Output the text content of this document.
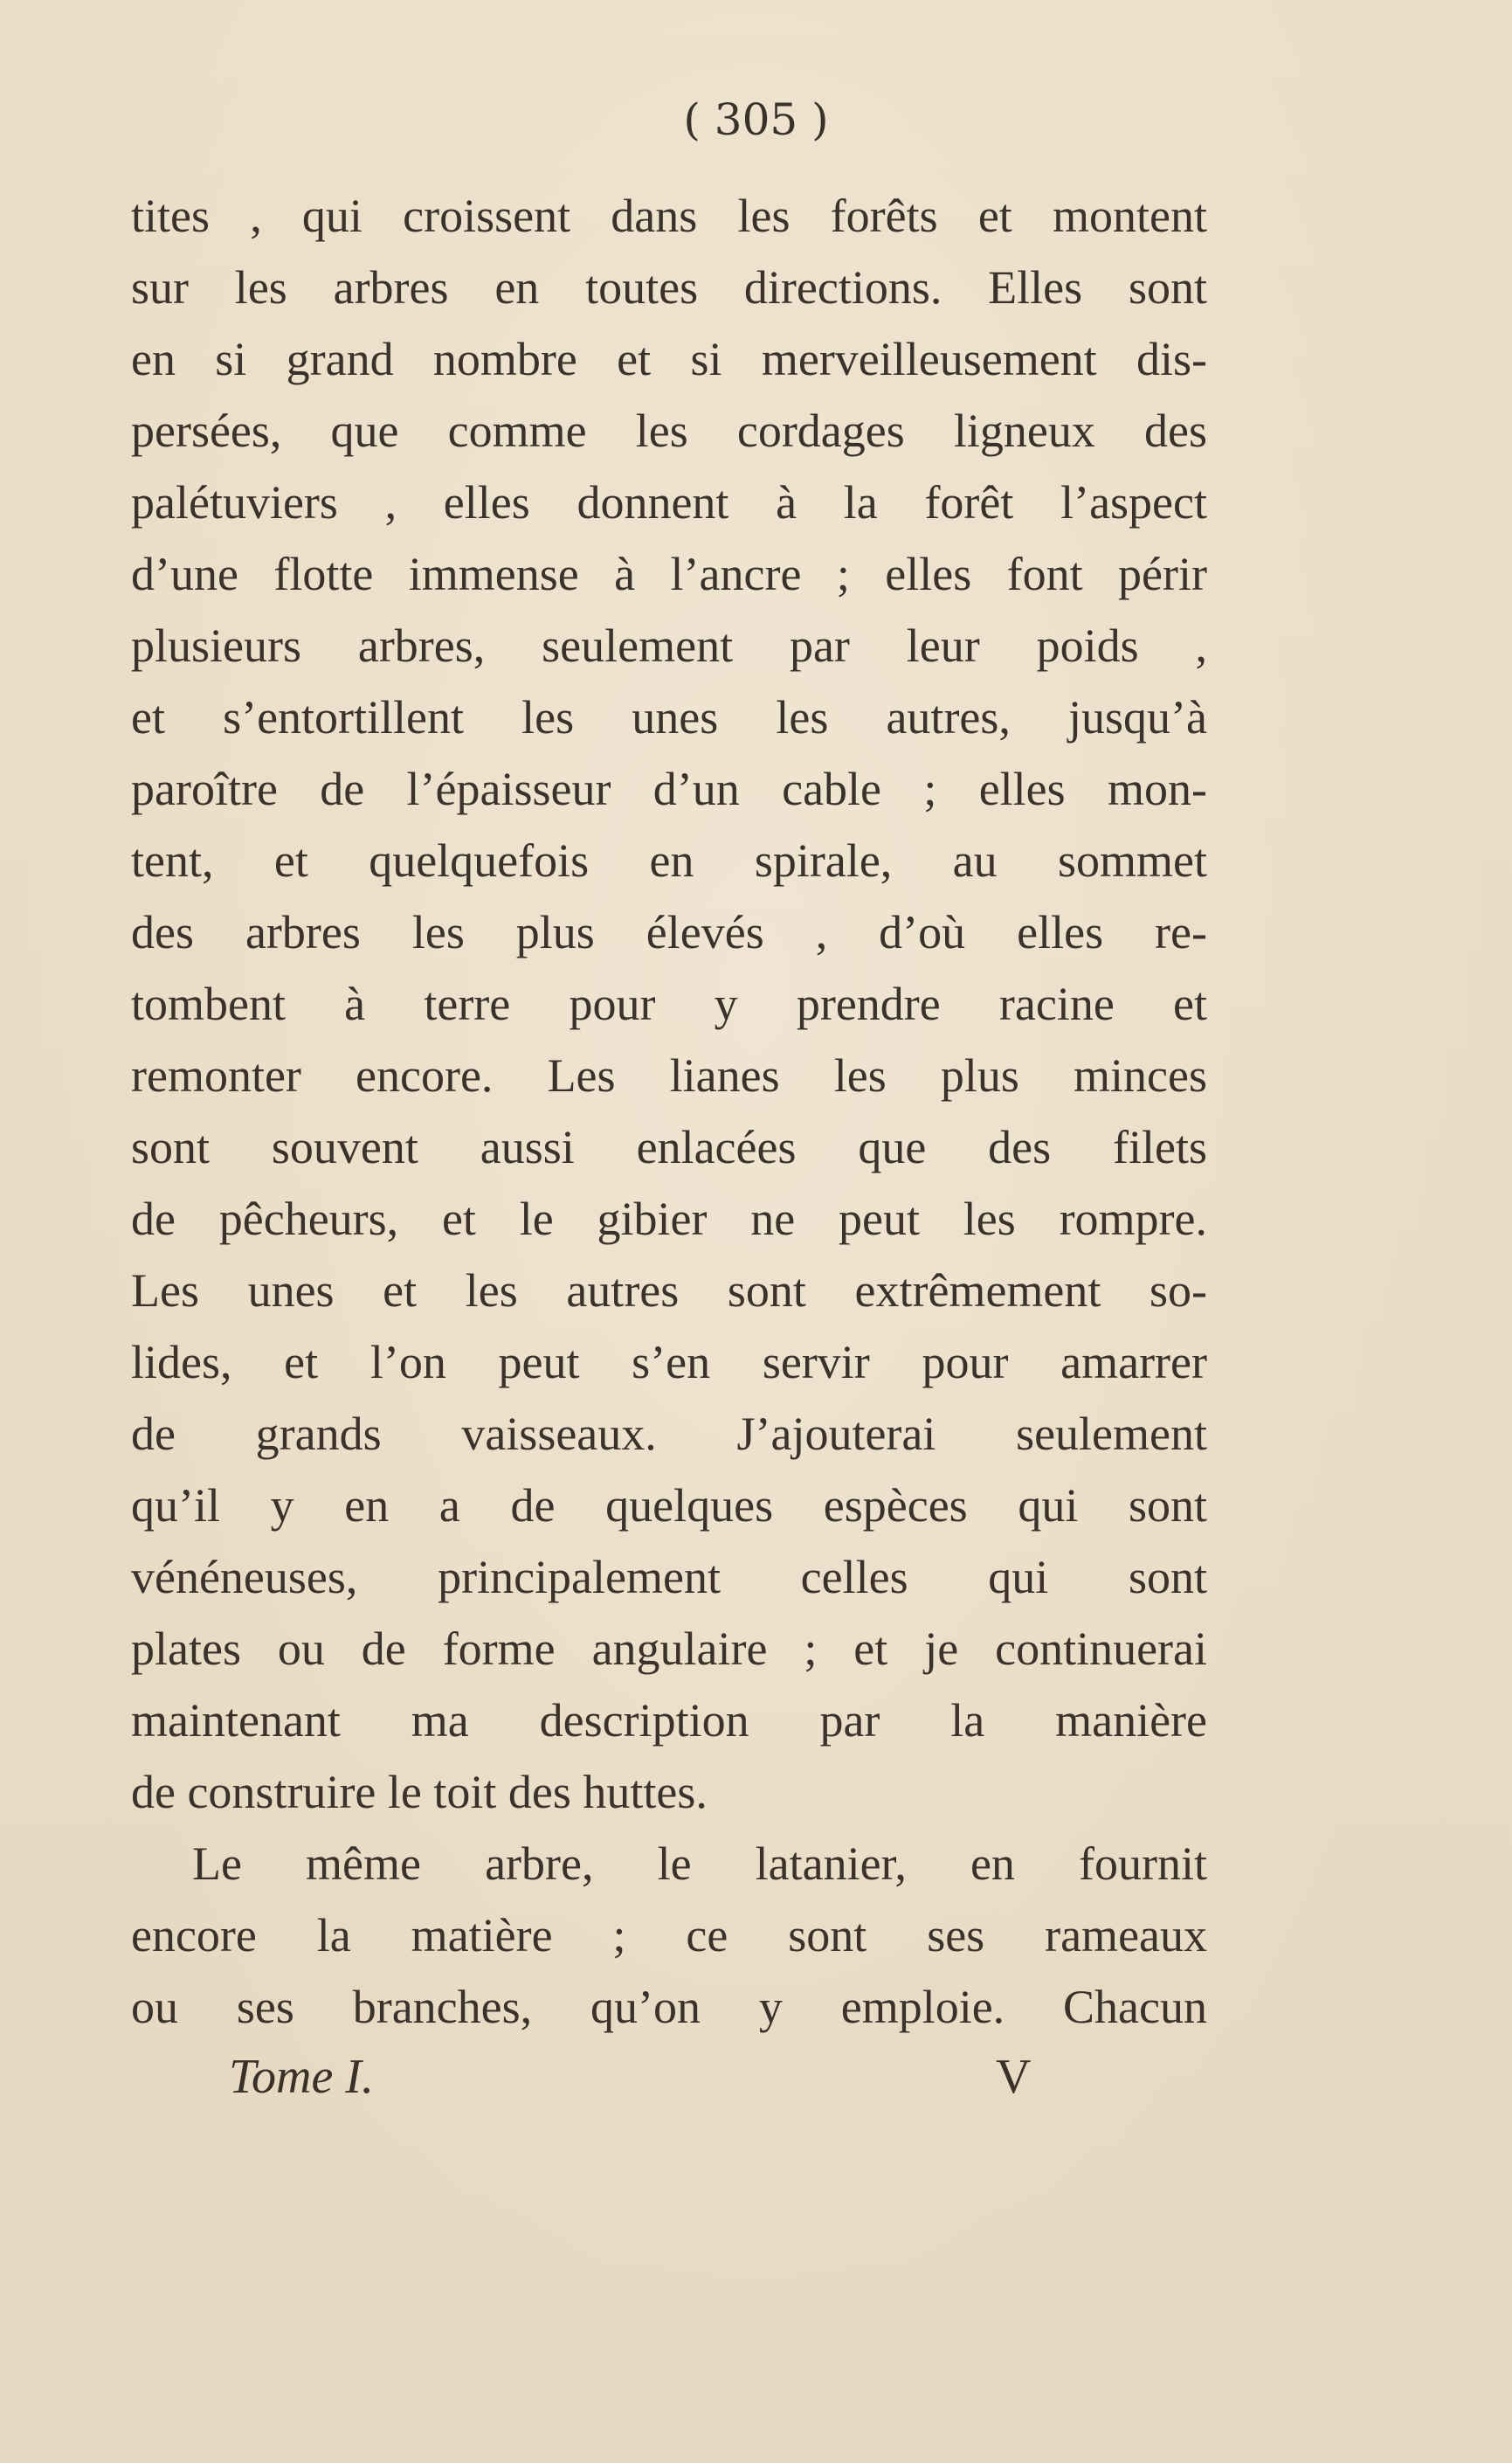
( 305 )
tites , qui croissent dans les forêts et montent
sur les arbres en toutes directions. Elles sont
en si grand nombre et si merveilleusement dis-
persées, que comme les cordages ligneux des
palétuviers , elles donnent à la forêt l’aspect
d’une flotte immense à l’ancre ; elles font périr
plusieurs arbres, seulement par leur poids ,
et s’entortillent les unes les autres, jusqu’à
paroître de l’épaisseur d’un cable ; elles mon-
tent, et quelquefois en spirale, au sommet
des arbres les plus élevés , d’où elles re-
tombent à terre pour y prendre racine et
remonter encore. Les lianes les plus minces
sont souvent aussi enlacées que des filets
de pêcheurs, et le gibier ne peut les rompre.
Les unes et les autres sont extrêmement so-
lides, et l’on peut s’en servir pour amarrer
de grands vaisseaux. J’ajouterai seulement
qu’il y en a de quelques espèces qui sont
vénéneuses, principalement celles qui sont
plates ou de forme angulaire ; et je continuerai
maintenant ma description par la manière
de construire le toit des huttes.
Le même arbre, le latanier, en fournit
encore la matière ; ce sont ses rameaux
ou ses branches, qu’on y emploie. Chacun
Tome I.	V
